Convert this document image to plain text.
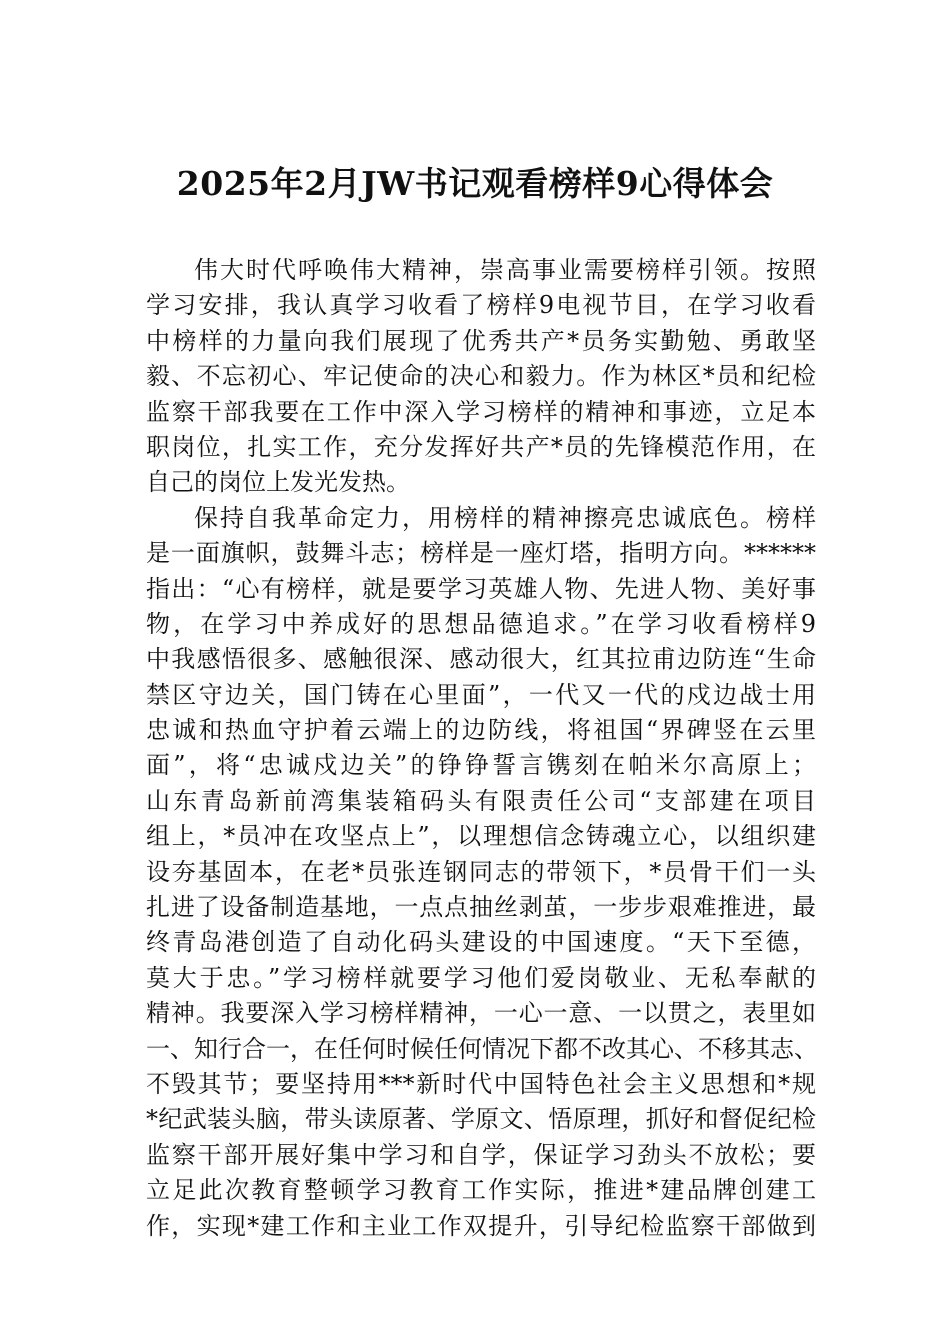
2025年2月JW书记观看榜样9心得体会
伟大时代呼唤伟大精神，崇高事业需要榜样引领。按照
学习安排，我认真学习收看了榜样9电视节目，在学习收看
中榜样的力量向我们展现了优秀共产*员务实勤勉、勇敢坚
毅、不忘初心、牢记使命的决心和毅力。作为林区*员和纪检
监察干部我要在工作中深入学习榜样的精神和事迹，立足本
职岗位，扎实工作，充分发挥好共产*员的先锋模范作用，在
自己的岗位上发光发热。
保持自我革命定力，用榜样的精神擦亮忠诚底色。榜样
是一面旗帜，鼓舞斗志；榜样是一座灯塔，指明方向。******
指出：“心有榜样，就是要学习英雄人物、先进人物、美好事
物，在学习中养成好的思想品德追求。”在学习收看榜样9
中我感悟很多、感触很深、感动很大，红其拉甫边防连“生命
禁区守边关，国门铸在心里面”，一代又一代的戍边战士用
忠诚和热血守护着云端上的边防线，将祖国“界碑竖在云里
面”，将“忠诚戍边关”的铮铮誓言镌刻在帕米尔高原上；
山东青岛新前湾集装箱码头有限责任公司“支部建在项目
组上，*员冲在攻坚点上”，以理想信念铸魂立心，以组织建
设夯基固本，在老*员张连钢同志的带领下，*员骨干们一头
扎进了设备制造基地，一点点抽丝剥茧，一步步艰难推进，最
终青岛港创造了自动化码头建设的中国速度。“天下至德，
莫大于忠。”学习榜样就要学习他们爱岗敬业、无私奉献的
精神。我要深入学习榜样精神，一心一意、一以贯之，表里如
一、知行合一，在任何时候任何情况下都不改其心、不移其志、
不毁其节；要坚持用***新时代中国特色社会主义思想和*规
*纪武装头脑，带头读原著、学原文、悟原理，抓好和督促纪检
监察干部开展好集中学习和自学，保证学习劲头不放松；要
立足此次教育整顿学习教育工作实际，推进*建品牌创建工
作，实现*建工作和主业工作双提升，引导纪检监察干部做到
